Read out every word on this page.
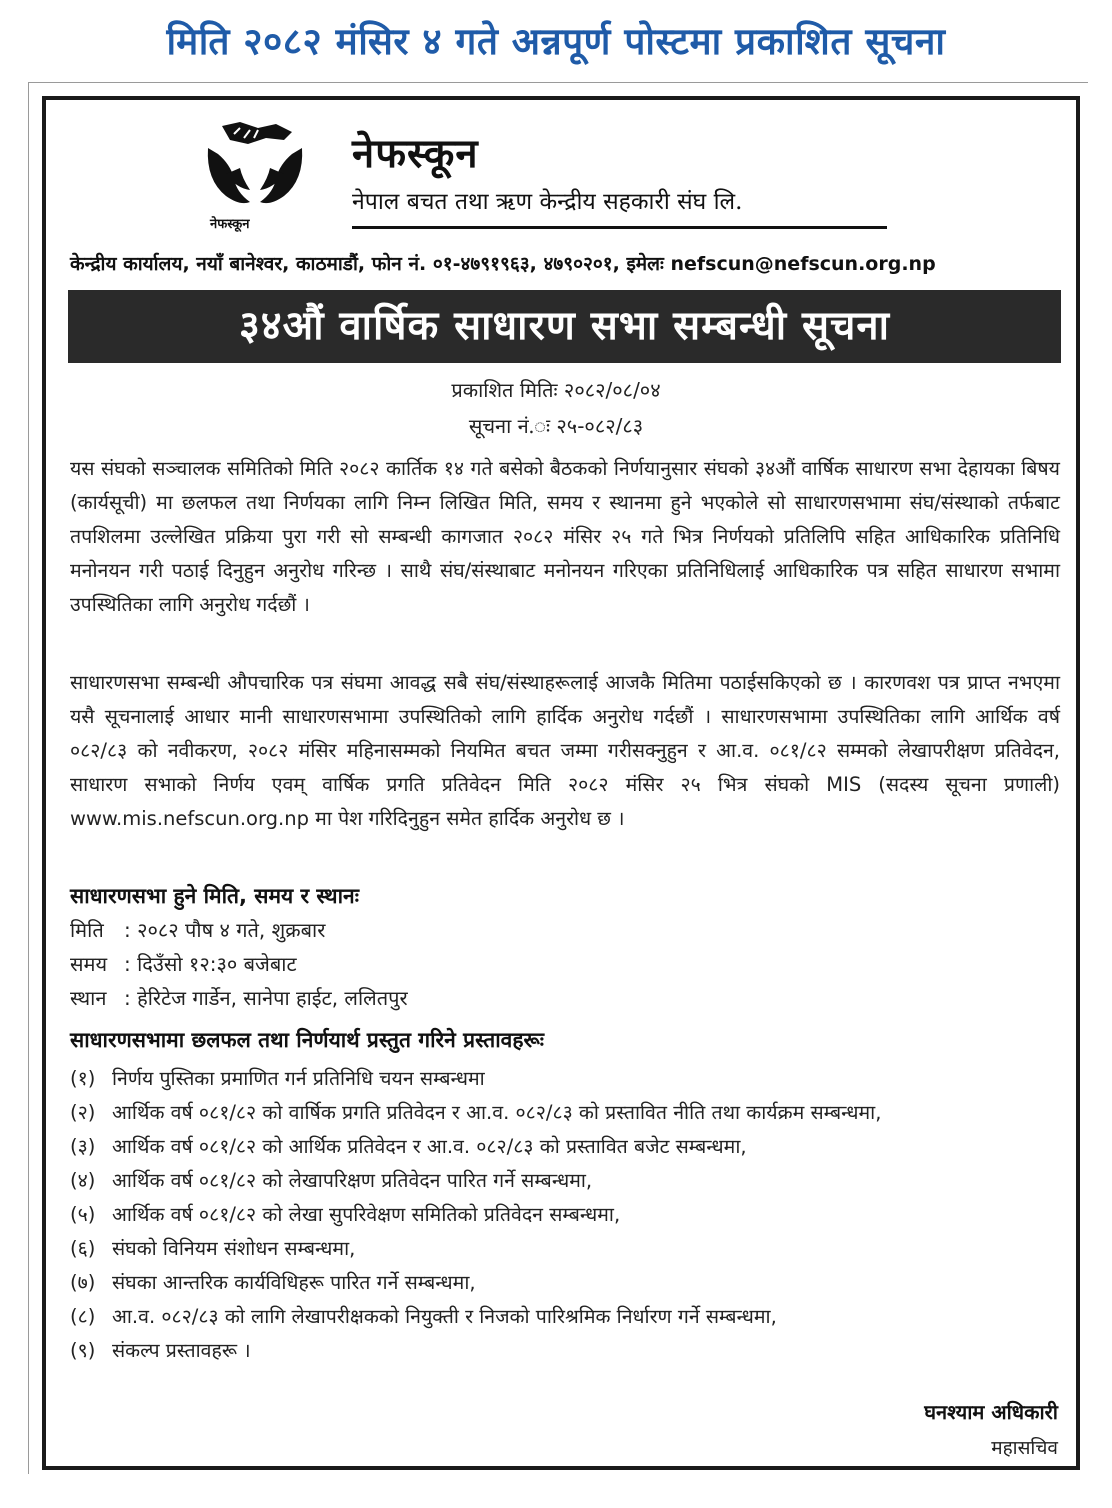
मिति २०८२ मंसिर ४ गते अन्नपूर्ण पोस्टमा प्रकाशित सूचना
नेफस्कून
नेफस्कून
नेपाल बचत तथा ऋण केन्द्रीय सहकारी संघ लि.
केन्द्रीय कार्यालय, नयाँ बानेश्वर, काठमाडौं, फोन नं. ०१-४७९१९६३, ४७९०२०१, इमेलः nefscun@nefscun.org.np
३४औं वार्षिक साधारण सभा सम्बन्धी सूचना
प्रकाशित मितिः २०८२/०८/०४
सूचना नं.ः २५-०८२/८३
यस संघको सञ्चालक समितिको मिति २०८२ कार्तिक १४ गते बसेको बैठकको निर्णयानुसार संघको ३४औं वार्षिक साधारण सभा देहायका बिषय (कार्यसूची) मा छलफल तथा निर्णयका लागि निम्न लिखित मिति, समय र स्थानमा हुने भएकोले सो साधारणसभामा संघ/संस्थाको तर्फबाट तपशिलमा उल्लेखित प्रक्रिया पुरा गरी सो सम्बन्धी कागजात २०८२ मंसिर २५ गते भित्र निर्णयको प्रतिलिपि सहित आधिकारिक प्रतिनिधि मनोनयन गरी पठाई दिनुहुन अनुरोध गरिन्छ । साथै संघ/संस्थाबाट मनोनयन गरिएका प्रतिनिधिलाई आधिकारिक पत्र सहित साधारण सभामा उपस्थितिका लागि अनुरोध गर्दछौं ।
साधारणसभा सम्बन्धी औपचारिक पत्र संघमा आवद्ध सबै संघ/संस्थाहरूलाई आजकै मितिमा पठाईसकिएको छ । कारणवश पत्र प्राप्त नभएमा यसै सूचनालाई आधार मानी साधारणसभामा उपस्थितिको लागि हार्दिक अनुरोध गर्दछौं । साधारणसभामा उपस्थितिका लागि आर्थिक वर्ष ०८२/८३ को नवीकरण, २०८२ मंसिर महिनासम्मको नियमित बचत जम्मा गरीसक्नुहुन र आ.व. ०८१/८२ सम्मको लेखापरीक्षण प्रतिवेदन, साधारण सभाको निर्णय एवम् वार्षिक प्रगति प्रतिवेदन मिति २०८२ मंसिर २५ भित्र संघको MIS (सदस्य सूचना प्रणाली) www.mis.nefscun.org.np मा पेश गरिदिनुहुन समेत हार्दिक अनुरोध छ ।
साधारणसभा हुने मिति, समय र स्थानः
मिति : २०८२ पौष ४ गते, शुक्रबार
समय : दिउँसो १२:३० बजेबाट
स्थान : हेरिटेज गार्डेन, सानेपा हाईट, ललितपुर
साधारणसभामा छलफल तथा निर्णयार्थ प्रस्तुत गरिने प्रस्तावहरूः
(१) निर्णय पुस्तिका प्रमाणित गर्न प्रतिनिधि चयन सम्बन्धमा
(२) आर्थिक वर्ष ०८१/८२ को वार्षिक प्रगति प्रतिवेदन र आ.व. ०८२/८३ को प्रस्तावित नीति तथा कार्यक्रम सम्बन्धमा,
(३) आर्थिक वर्ष ०८१/८२ को आर्थिक प्रतिवेदन र आ.व. ०८२/८३ को प्रस्तावित बजेट सम्बन्धमा,
(४) आर्थिक वर्ष ०८१/८२ को लेखापरिक्षण प्रतिवेदन पारित गर्ने सम्बन्धमा,
(५) आर्थिक वर्ष ०८१/८२ को लेखा सुपरिवेक्षण समितिको प्रतिवेदन सम्बन्धमा,
(६) संघको विनियम संशोधन सम्बन्धमा,
(७) संघका आन्तरिक कार्यविधिहरू पारित गर्ने सम्बन्धमा,
(८) आ.व. ०८२/८३ को लागि लेखापरीक्षकको नियुक्ती र निजको पारिश्रमिक निर्धारण गर्ने सम्बन्धमा,
(९) संकल्प प्रस्तावहरू ।
घनश्याम अधिकारी
महासचिव
